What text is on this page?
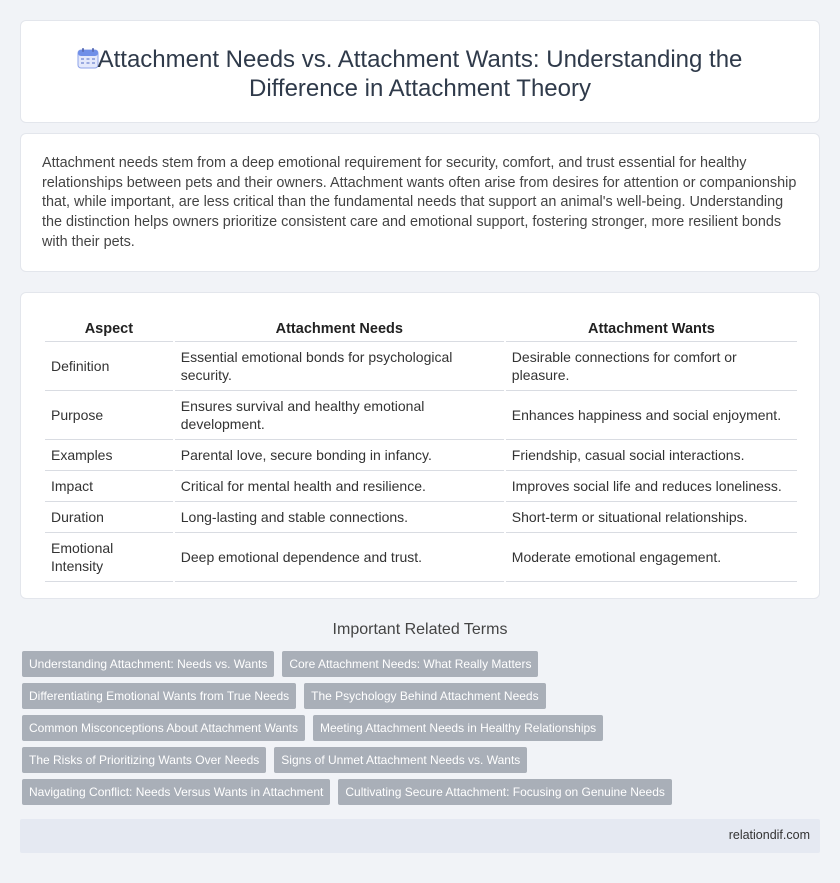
Attachment Needs vs. Attachment Wants: Understanding the
Difference in Attachment Theory
Attachment needs stem from a deep emotional requirement for security, comfort, and trust essential for healthy relationships between pets and their owners. Attachment wants often arise from desires for attention or companionship that, while important, are less critical than the fundamental needs that support an animal's well-being. Understanding the distinction helps owners prioritize consistent care and emotional support, fostering stronger, more resilient bonds with their pets.
Aspect	Attachment Needs	Attachment Wants
Definition	Essential emotional bonds for psychological security.	Desirable connections for comfort or pleasure.
Purpose	Ensures survival and healthy emotional development.	Enhances happiness and social enjoyment.
Examples	Parental love, secure bonding in infancy.	Friendship, casual social interactions.
Impact	Critical for mental health and resilience.	Improves social life and reduces loneliness.
Duration	Long-lasting and stable connections.	Short-term or situational relationships.
Emotional Intensity	Deep emotional dependence and trust.	Moderate emotional engagement.
Important Related Terms
Understanding Attachment: Needs vs. Wants	Core Attachment Needs: What Really Matters
Differentiating Emotional Wants from True Needs	The Psychology Behind Attachment Needs
Common Misconceptions About Attachment Wants	Meeting Attachment Needs in Healthy Relationships
The Risks of Prioritizing Wants Over Needs	Signs of Unmet Attachment Needs vs. Wants
Navigating Conflict: Needs Versus Wants in Attachment	Cultivating Secure Attachment: Focusing on Genuine Needs
relationdif.com
